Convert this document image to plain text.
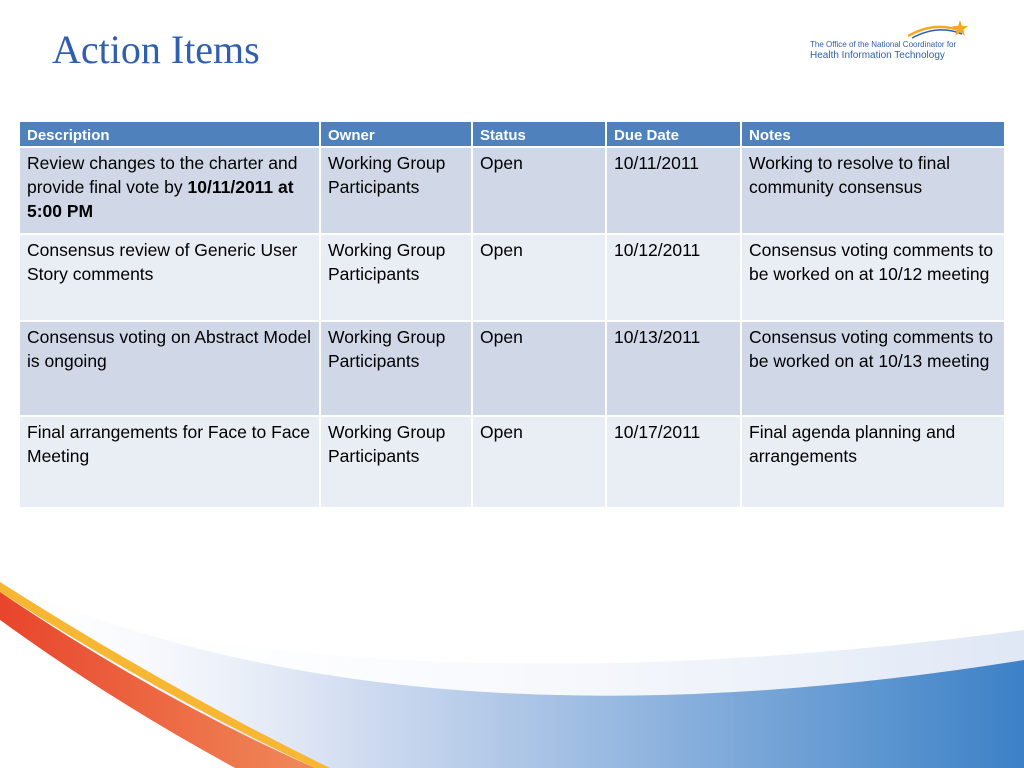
Action Items	The Office of the National Coordinator for
Health Information Technology
Description	Owner	Status	Due Date	Notes
Review changes to the charter and provide final vote by 10/11/2011 at 5:00 PM	Working Group Participants	Open	10/11/2011	Working to resolve to final community consensus
Consensus review of Generic User Story comments	Working Group Participants	Open	10/12/2011	Consensus voting comments to be worked on at 10/12 meeting
Consensus voting on Abstract Model is ongoing	Working Group Participants	Open	10/13/2011	Consensus voting comments to be worked on at 10/13 meeting
Final arrangements for Face to Face Meeting	Working Group Participants	Open	10/17/2011	Final agenda planning and arrangements
